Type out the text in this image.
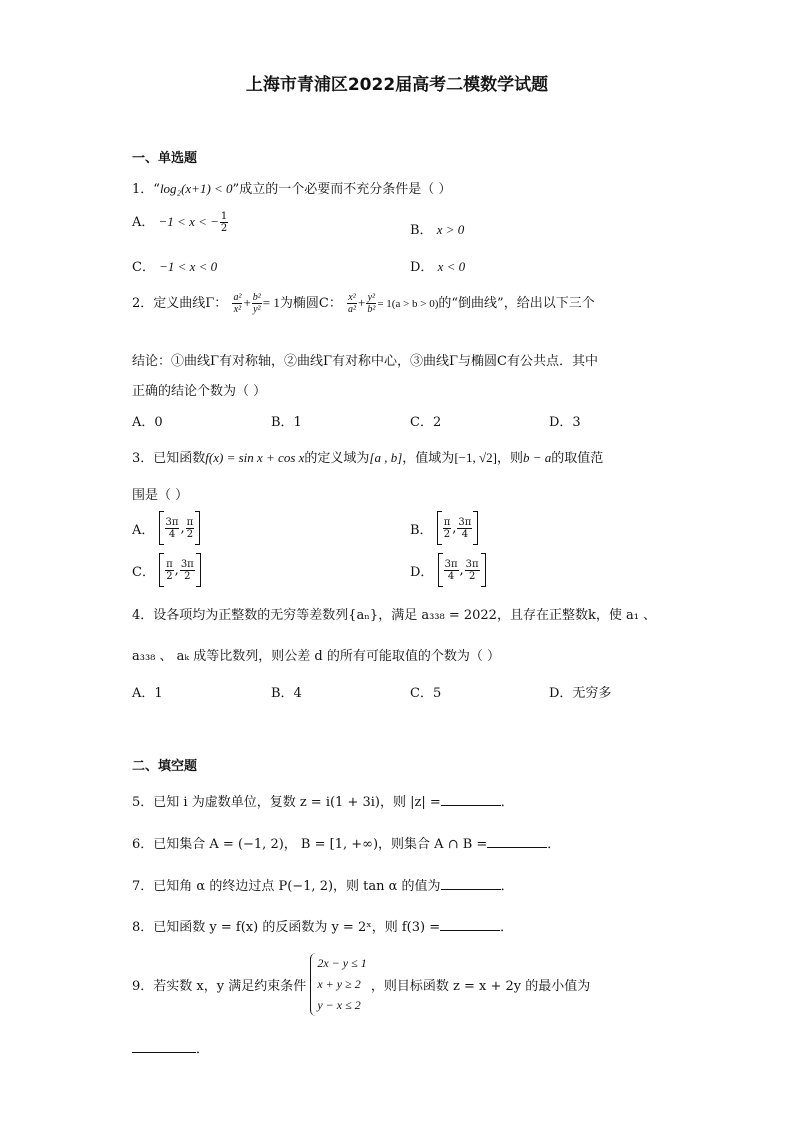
上海市青浦区2022届高考二模数学试题
一、单选题
1．“log₂(x+1) < 0”成立的一个必要而不充分条件是（ ）
A． −1 < x < − $\frac{1}{2}$	B． x > 0
C． −1 < x < 0	D． x < 0
2．定义曲线Γ： $\frac{\text{a²}}{\text{x²}} + \frac{\text{b²}}{\text{y²}} = 1$为椭圆C： $\frac{\text{x²}}{\text{a²}} + \frac{\text{y²}}{\text{b²}} = 1(a > b > 0)$的“倒曲线”，给出以下三个
结论：①曲线Γ有对称轴，②曲线Γ有对称中心，③曲线Γ与椭圆C有公共点．其中
正确的结论个数为（ ）
A．0	B．1	C．2	D．3
3．已知函数f(x) = sin x + cos x的定义域为[a , b]，值域为[−1, √2]，则b − a的取值范
围是（ ）
A． $\frac{3\pi}{4}$ , $\frac{\pi}{2}$	B． $\frac{\pi}{2}$ , $\frac{3\pi}{4}$
C． $\frac{\pi}{2}$ , $\frac{3\pi}{2}$	D． $\frac{3\pi}{4}$ , $\frac{3\pi}{2}$
4．设各项均为正整数的无穷等差数列{aₙ}，满足 a₃₃₈ = 2022，且存在正整数k，使 a₁ 、
a₃₃₈ 、 aₖ 成等比数列，则公差 d 的所有可能取值的个数为（ ）
A．1	B．4	C．5	D．无穷多
二、填空题
5．已知 i 为虚数单位，复数 z = i(1 + 3i)，则 |z| =	．
6．已知集合 A = (−1, 2)， B = [1, +∞)，则集合 A ∩ B =	．
7．已知角 α 的终边过点 P(−1, 2)，则 tan α 的值为	．
8．已知函数 y = f(x) 的反函数为 y = 2ˣ，则 f(3) =	．
9．若实数 x，y 满足约束条件
2x − y ≤ 1
x + y ≥ 2
y − x ≤ 2
，则目标函数 z = x + 2y 的最小值为
．
